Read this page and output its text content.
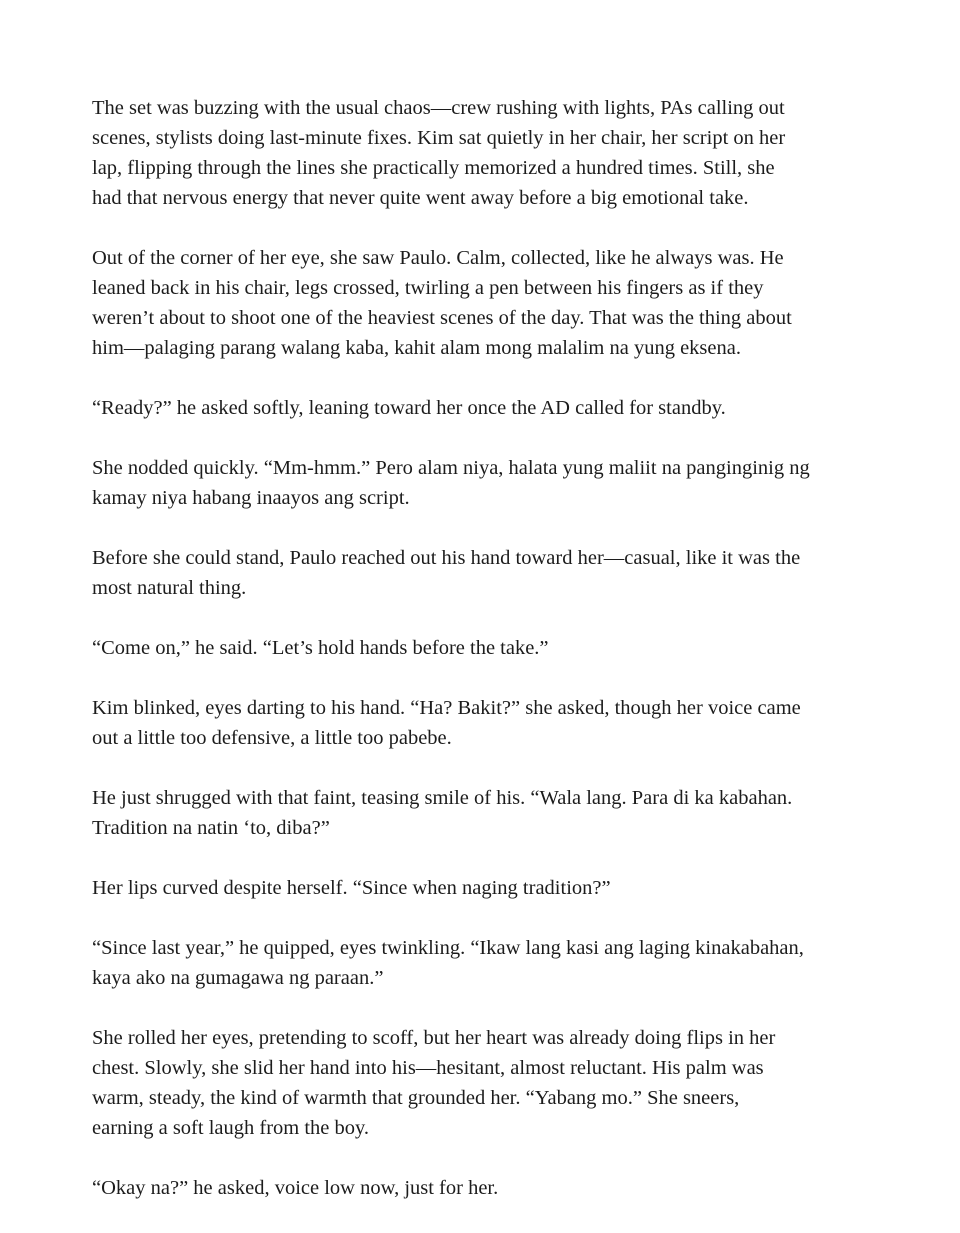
The set was buzzing with the usual chaos—crew rushing with lights, PAs calling out
scenes, stylists doing last-minute fixes. Kim sat quietly in her chair, her script on her
lap, flipping through the lines she practically memorized a hundred times. Still, she
had that nervous energy that never quite went away before a big emotional take.

Out of the corner of her eye, she saw Paulo. Calm, collected, like he always was. He
leaned back in his chair, legs crossed, twirling a pen between his fingers as if they
weren’t about to shoot one of the heaviest scenes of the day. That was the thing about
him—palaging parang walang kaba, kahit alam mong malalim na yung eksena.

“Ready?” he asked softly, leaning toward her once the AD called for standby.

She nodded quickly. “Mm-hmm.” Pero alam niya, halata yung maliit na panginginig ng
kamay niya habang inaayos ang script.

Before she could stand, Paulo reached out his hand toward her—casual, like it was the
most natural thing.

“Come on,” he said. “Let’s hold hands before the take.”

Kim blinked, eyes darting to his hand. “Ha? Bakit?” she asked, though her voice came
out a little too defensive, a little too pabebe.

He just shrugged with that faint, teasing smile of his. “Wala lang. Para di ka kabahan.
Tradition na natin ‘to, diba?”

Her lips curved despite herself. “Since when naging tradition?”

“Since last year,” he quipped, eyes twinkling. “Ikaw lang kasi ang laging kinakabahan,
kaya ako na gumagawa ng paraan.”

She rolled her eyes, pretending to scoff, but her heart was already doing flips in her
chest. Slowly, she slid her hand into his—hesitant, almost reluctant. His palm was
warm, steady, the kind of warmth that grounded her. “Yabang mo.” She sneers,
earning a soft laugh from the boy.

“Okay na?” he asked, voice low now, just for her.
